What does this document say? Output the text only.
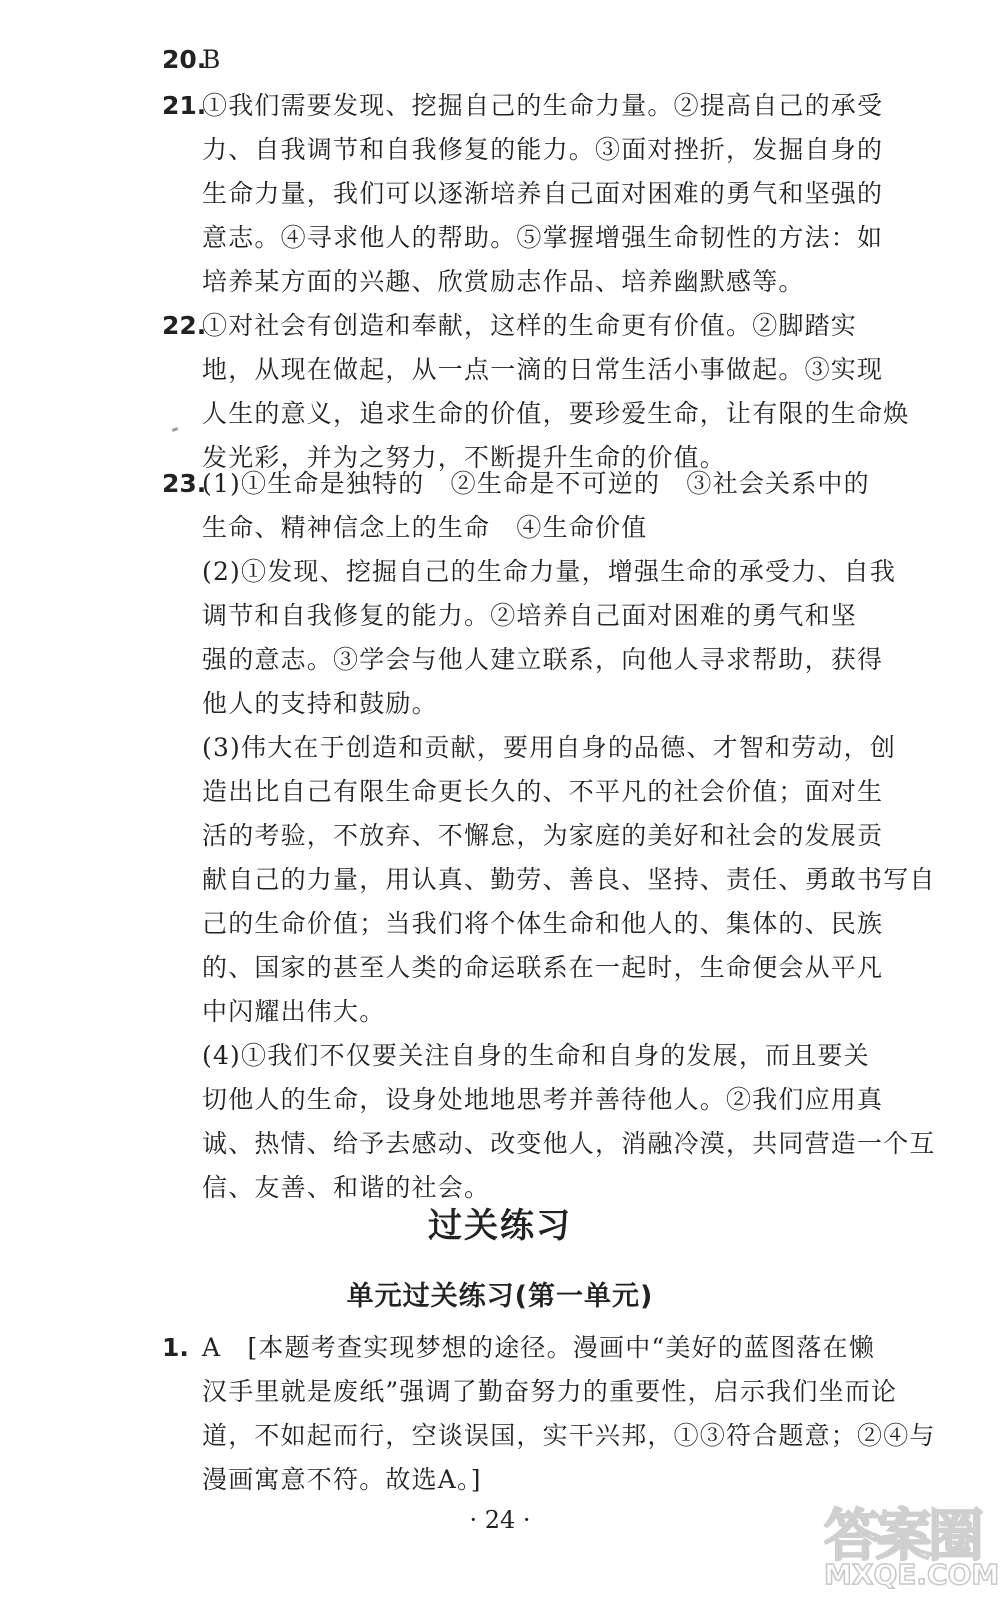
20.
B
21.
①我们需要发现、挖掘自己的生命力量。②提高自己的承受
力、自我调节和自我修复的能力。③面对挫折，发掘自身的
生命力量，我们可以逐渐培养自己面对困难的勇气和坚强的
意志。④寻求他人的帮助。⑤掌握增强生命韧性的方法：如
培养某方面的兴趣、欣赏励志作品、培养幽默感等。
22.
①对社会有创造和奉献，这样的生命更有价值。②脚踏实
地，从现在做起，从一点一滴的日常生活小事做起。③实现
人生的意义，追求生命的价值，要珍爱生命，让有限的生命焕
发光彩，并为之努力，不断提升生命的价值。
23.
(1)①生命是独特的　②生命是不可逆的　③社会关系中的
生命、精神信念上的生命　④生命价值
(2)①发现、挖掘自己的生命力量，增强生命的承受力、自我
调节和自我修复的能力。②培养自己面对困难的勇气和坚
强的意志。③学会与他人建立联系，向他人寻求帮助，获得
他人的支持和鼓励。
(3)伟大在于创造和贡献，要用自身的品德、才智和劳动，创
造出比自己有限生命更长久的、不平凡的社会价值；面对生
活的考验，不放弃、不懈怠，为家庭的美好和社会的发展贡
献自己的力量，用认真、勤劳、善良、坚持、责任、勇敢书写自
己的生命价值；当我们将个体生命和他人的、集体的、民族
的、国家的甚至人类的命运联系在一起时，生命便会从平凡
中闪耀出伟大。
(4)①我们不仅要关注自身的生命和自身的发展，而且要关
切他人的生命，设身处地地思考并善待他人。②我们应用真
诚、热情、给予去感动、改变他人，消融冷漠，共同营造一个互
信、友善、和谐的社会。
过关练习
单元过关练习(第一单元)
1. A　[本题考查实现梦想的途径。漫画中“美好的蓝图落在懒
汉手里就是废纸”强调了勤奋努力的重要性，启示我们坐而论
道，不如起而行，空谈误国，实干兴邦，①③符合题意；②④与
漫画寓意不符。故选A。]
· 24 ·	答案圈
MXQE.COM
